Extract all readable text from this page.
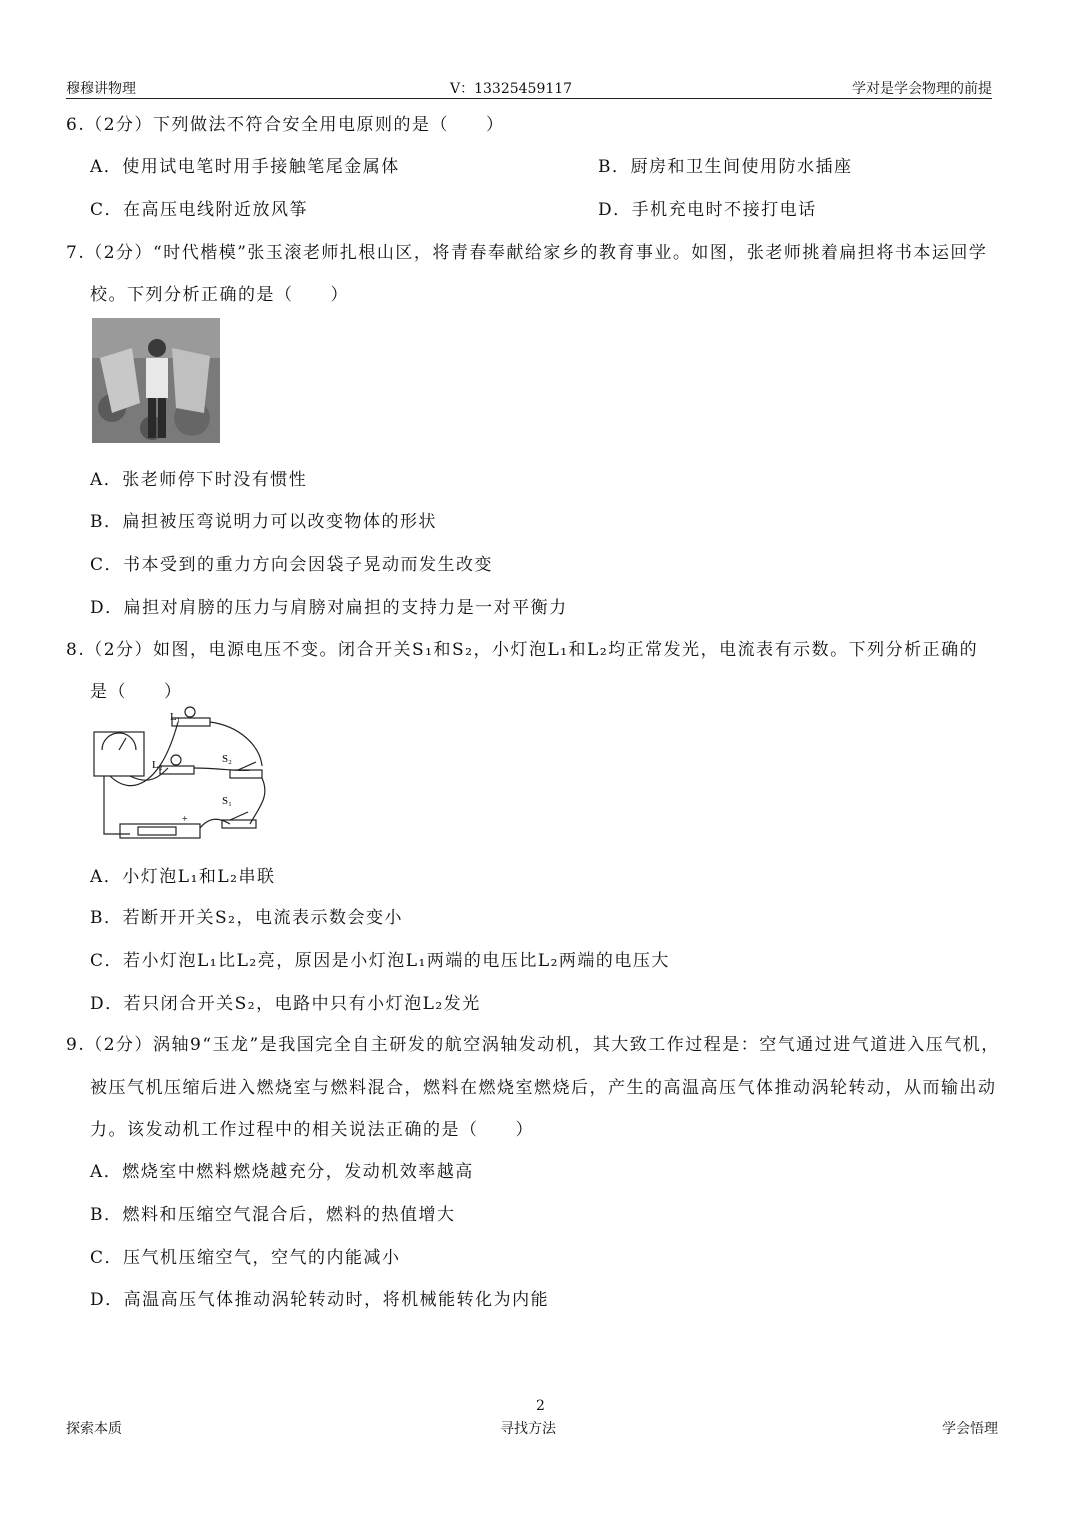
穆穆讲物理	V：13325459117	学对是学会物理的前提
6.（2分）下列做法不符合安全用电原则的是（　　）
A．使用试电笔时用手接触笔尾金属体	B．厨房和卫生间使用防水插座
C．在高压电线附近放风筝	D．手机充电时不接打电话
7.（2分）“时代楷模”张玉滚老师扎根山区，将青春奉献给家乡的教育事业。如图，张老师挑着扁担将书本运回学
校。下列分析正确的是（　　）
A．张老师停下时没有惯性
B．扁担被压弯说明力可以改变物体的形状
C．书本受到的重力方向会因袋子晃动而发生改变
D．扁担对肩膀的压力与肩膀对扁担的支持力是一对平衡力
8.（2分）如图，电源电压不变。闭合开关S₁和S₂，小灯泡L₁和L₂均正常发光，电流表有示数。下列分析正确的
是（　　）
L₁
L₂	S₂
S₁
+
A．小灯泡L₁和L₂串联
B．若断开开关S₂，电流表示数会变小
C．若小灯泡L₁比L₂亮，原因是小灯泡L₁两端的电压比L₂两端的电压大
D．若只闭合开关S₂，电路中只有小灯泡L₂发光
9.（2分）涡轴9“玉龙”是我国完全自主研发的航空涡轴发动机，其大致工作过程是：空气通过进气道进入压气机，
被压气机压缩后进入燃烧室与燃料混合，燃料在燃烧室燃烧后，产生的高温高压气体推动涡轮转动，从而输出动
力。该发动机工作过程中的相关说法正确的是（　　）
A．燃烧室中燃料燃烧越充分，发动机效率越高
B．燃料和压缩空气混合后，燃料的热值增大
C．压气机压缩空气，空气的内能减小
D．高温高压气体推动涡轮转动时，将机械能转化为内能
2
探索本质	寻找方法	学会悟理
